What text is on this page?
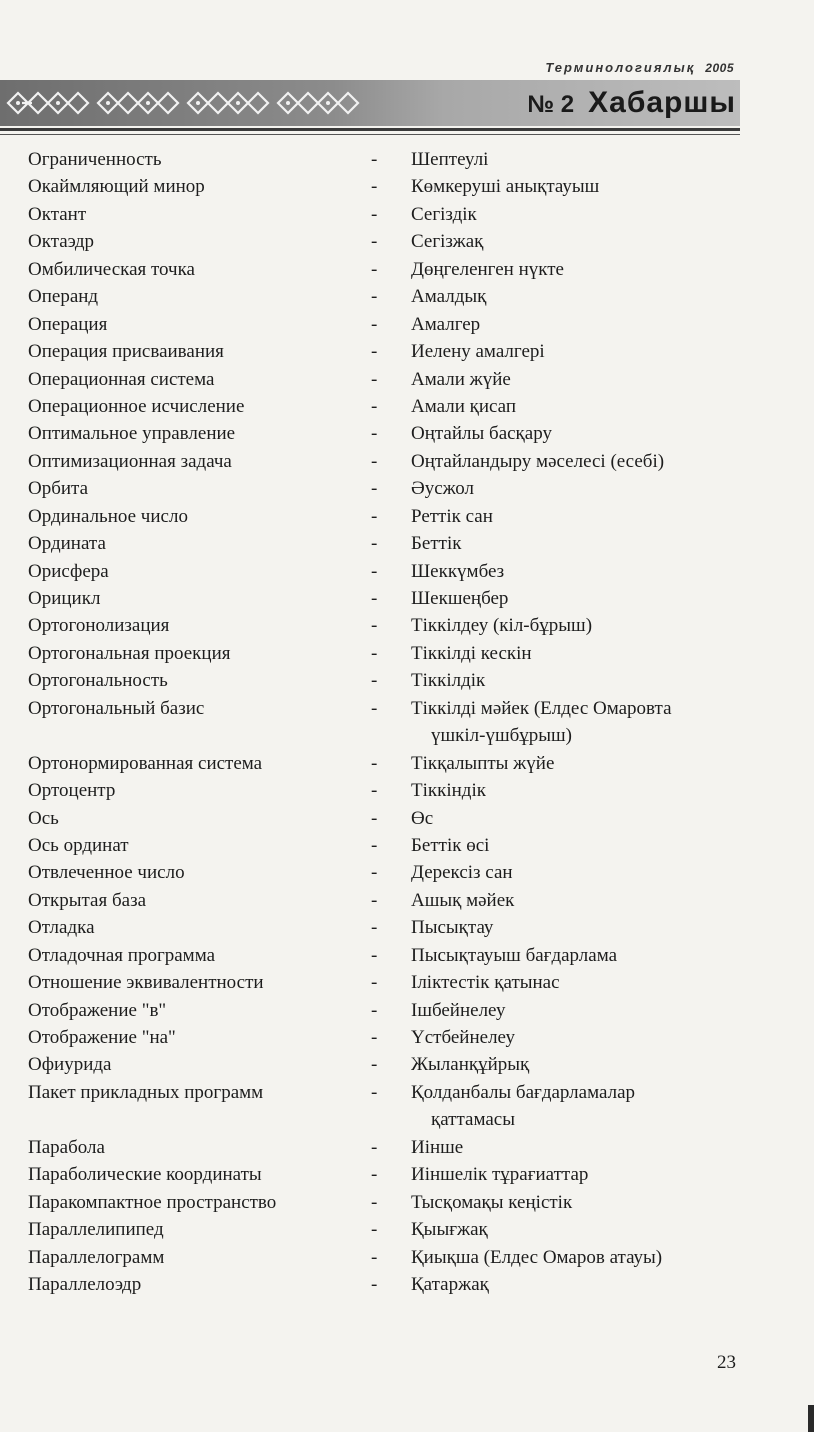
Терминологиялық 2005
№ 2 Хабаршы
Ограниченность	- Шептеулі
Окаймляющий минор	- Көмкеруші анықтауыш
Октант	- Сегіздік
Октаэдр	- Сегізжақ
Омбилическая точка	- Дөңгеленген нүкте
Операнд	- Амалдық
Операция	- Амалгер
Операция присваивания	- Иелену амалгері
Операционная система	- Амали жүйе
Операционное исчисление	- Амали қисап
Оптимальное управление	- Оңтайлы басқару
Оптимизационная задача	- Оңтайландыру мәселесі (есебі)
Орбита	- Әусжол
Ординальное число	- Реттік сан
Ордината	- Беттік
Орисфера	- Шеккүмбез
Орицикл	- Шекшеңбер
Ортогонолизация	- Тіккілдеу (кіл-бұрыш)
Ортогональная проекция	- Тіккілді кескін
Ортогональность	- Тіккілдік
Ортогональный базис	- Тіккілді мәйек (Елдес Омаровта
үшкіл-үшбұрыш)
Ортонормированная система	- Тікқалыпты жүйе
Ортоцентр	- Тіккіндік
Ось	- Өс
Ось ординат	- Беттік өсі
Отвлеченное число	- Дерексіз сан
Открытая база	- Ашық мәйек
Отладка	- Пысықтау
Отладочная программа	- Пысықтауыш бағдарлама
Отношение эквивалентности	- Іліктестік қатынас
Отображение "в"	- Ішбейнелеу
Отображение "на"	- Үстбейнелеу
Офиурида	- Жыланқұйрық
Пакет прикладных программ	- Қолданбалы бағдарламалар
қаттамасы
Парабола	- Иінше
Параболические координаты	- Иіншелік тұрағиаттар
Паракомпактное пространство	- Тысқомақы кеңістік
Параллелипипед	- Қыығжақ
Параллелограмм	- Қиықша (Елдес Омаров атауы)
Параллелоэдр	- Қатаржақ
23
